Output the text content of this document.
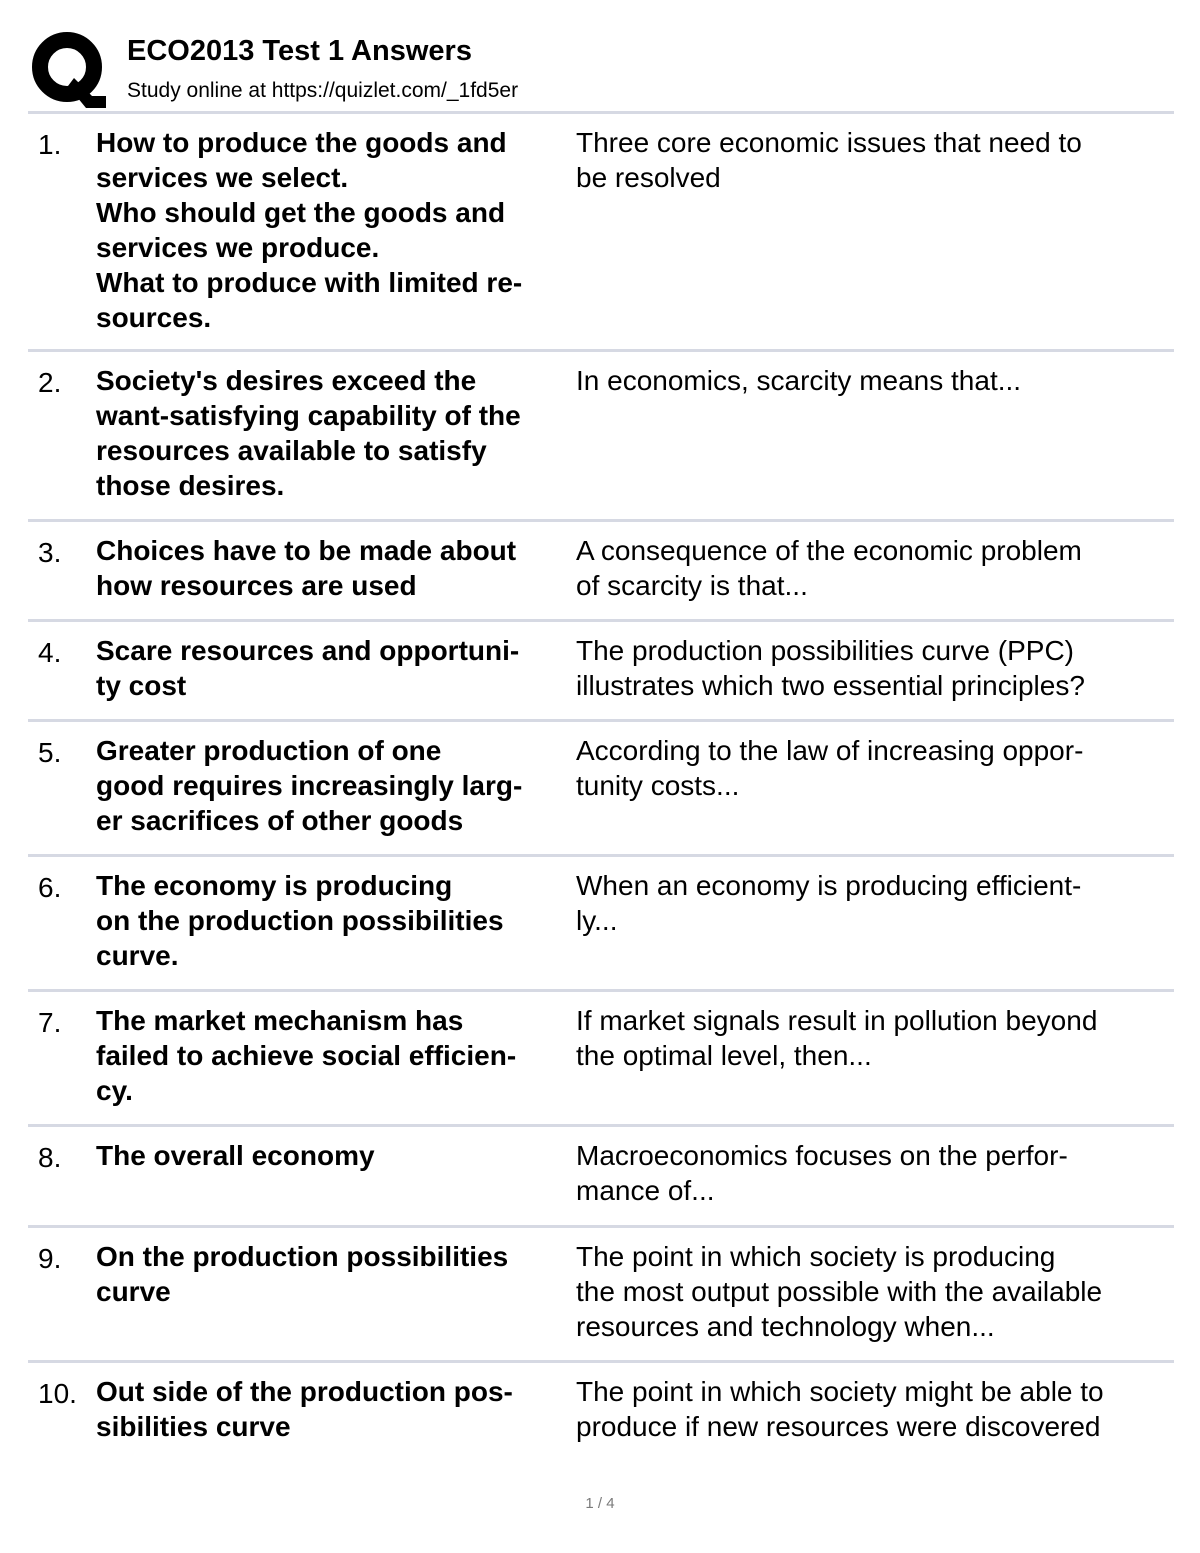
ECO2013 Test 1 Answers
Study online at https://quizlet.com/_1fd5er
1. How to produce the goods and
services we select.
Who should get the goods and
services we produce.
What to produce with limited re-
sources.
Three core economic issues that need to
be resolved
2. Society's desires exceed the
want-satisfying capability of the
resources available to satisfy
those desires.
In economics, scarcity means that...
3. Choices have to be made about
how resources are used
A consequence of the economic problem
of scarcity is that...
4. Scare resources and opportuni-
ty cost
The production possibilities curve (PPC)
illustrates which two essential principles?
5. Greater production of one
good requires increasingly larg-
er sacrifices of other goods
According to the law of increasing oppor-
tunity costs...
6. The economy is producing
on the production possibilities
curve.
When an economy is producing efficient-
ly...
7. The market mechanism has
failed to achieve social efficien-
cy.
If market signals result in pollution beyond
the optimal level, then...
8. The overall economy	Macroeconomics focuses on the perfor-
mance of...
9. On the production possibilities
curve
The point in which society is producing
the most output possible with the available
resources and technology when...
10. Out side of the production pos-
sibilities curve
The point in which society might be able to
produce if new resources were discovered
1 / 4
